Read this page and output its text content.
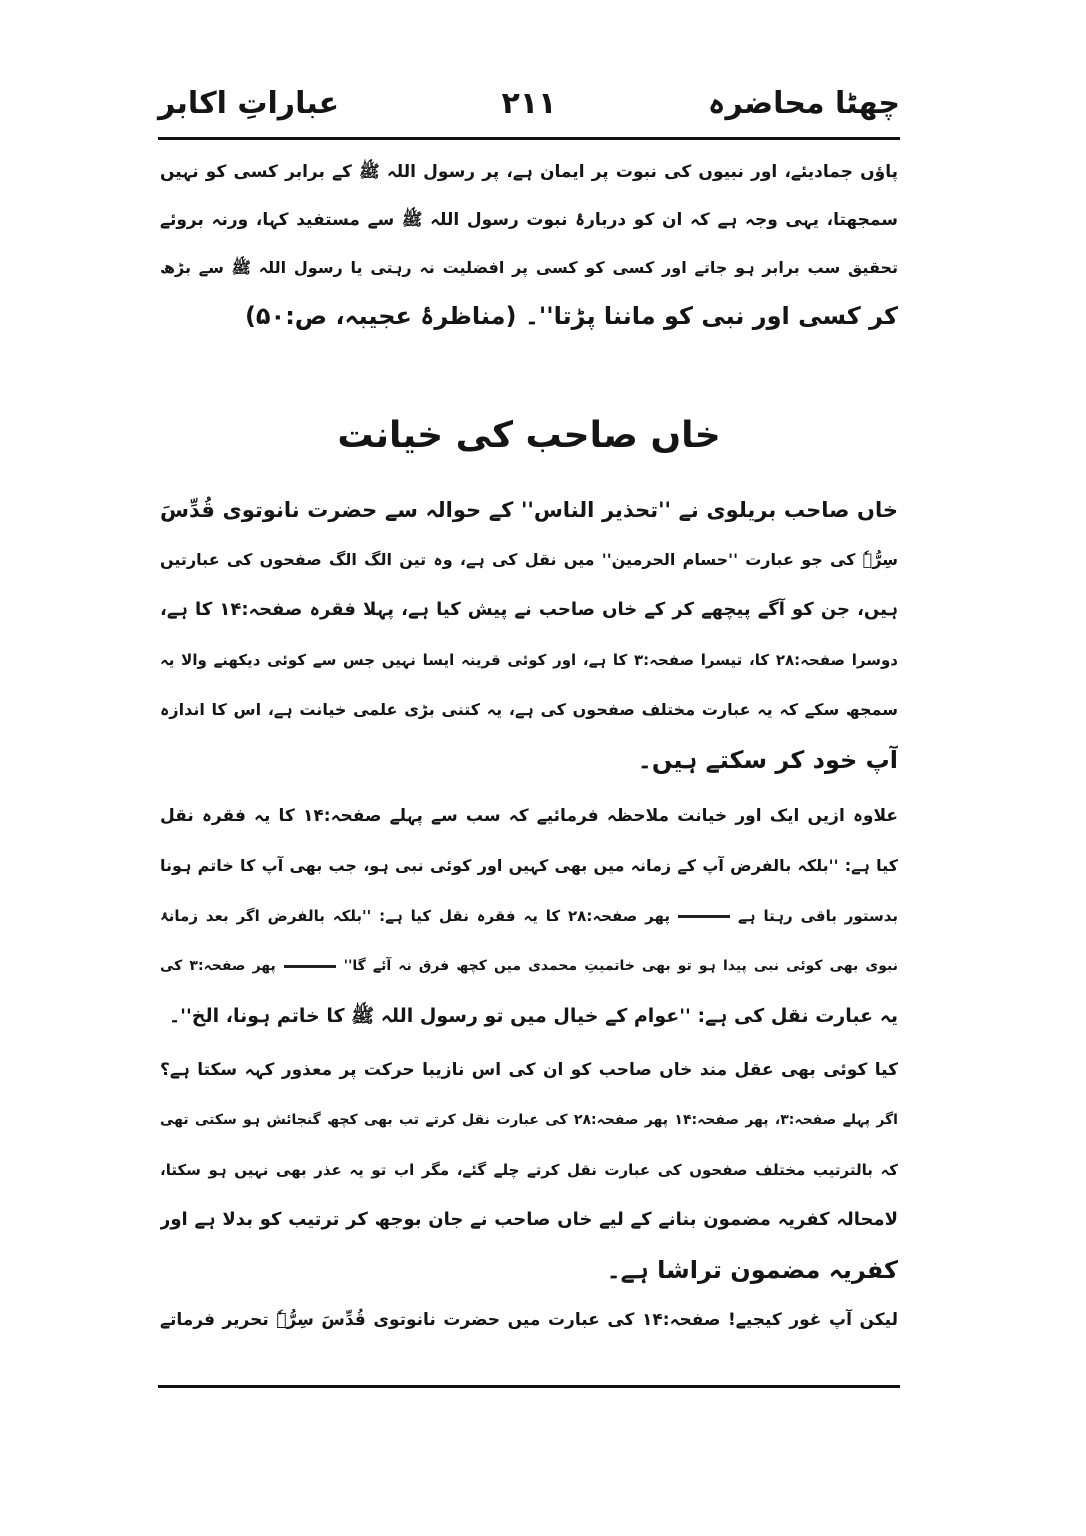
چھٹا محاضرہ
۲۱۱
عباراتِ اکابر
پاؤں جمادیئے، اور نبیوں کی نبوت پر ایمان ہے، پر رسول اللہ ﷺ کے برابر کسی کو نہیں
سمجھتا، یہی وجہ ہے کہ ان کو دربارۂ نبوت رسول اللہ ﷺ سے مستفید کہا، ورنہ بروئے
تحقیق سب برابر ہو جاتے اور کسی کو کسی پر افضلیت نہ رہتی یا رسول اللہ ﷺ سے بڑھ
کر کسی اور نبی کو ماننا پڑتا''۔ (مناظرۂ عجیبہ، ص:۵۰)
خاں صاحب کی خیانت
خاں صاحب بریلوی نے ''تحذیر الناس'' کے حوالہ سے حضرت نانوتوی قُدِّسَ
سِرُّہٗ کی جو عبارت ''حسام الحرمین'' میں نقل کی ہے، وہ تین الگ الگ صفحوں کی عبارتیں
ہیں، جن کو آگے پیچھے کر کے خاں صاحب نے پیش کیا ہے، پہلا فقرہ صفحہ:۱۴ کا ہے،
دوسرا صفحہ:۲۸ کا، تیسرا صفحہ:۳ کا ہے، اور کوئی قرینہ ایسا نہیں جس سے کوئی دیکھنے والا یہ
سمجھ سکے کہ یہ عبارت مختلف صفحوں کی ہے، یہ کتنی بڑی علمی خیانت ہے، اس کا اندازہ
آپ خود کر سکتے ہیں۔
علاوہ ازیں ایک اور خیانت ملاحظہ فرمائیے کہ سب سے پہلے صفحہ:۱۴ کا یہ فقرہ نقل
کیا ہے: ''بلکہ بالفرض آپ کے زمانہ میں بھی کہیں اور کوئی نبی ہو، جب بھی آپ کا خاتم ہونا
بدستور باقی رہتا ہےپھر صفحہ:۲۸ کا یہ فقرہ نقل کیا ہے: ''بلکہ بالفرض اگر بعد زمانۂ
نبوی بھی کوئی نبی پیدا ہو تو بھی خاتمیتِ محمدی میں کچھ فرق نہ آئے گا''پھر صفحہ:۳ کی
یہ عبارت نقل کی ہے: ''عوام کے خیال میں تو رسول اللہ ﷺ کا خاتم ہونا، الخ''۔
کیا کوئی بھی عقل مند خاں صاحب کو ان کی اس نازیبا حرکت پر معذور کہہ سکتا ہے؟
اگر پہلے صفحہ:۳، پھر صفحہ:۱۴ پھر صفحہ:۲۸ کی عبارت نقل کرتے تب بھی کچھ گنجائش ہو سکتی تھی
کہ بالترتیب مختلف صفحوں کی عبارت نقل کرتے چلے گئے، مگر اب تو یہ عذر بھی نہیں ہو سکتا،
لامحالہ کفریہ مضمون بنانے کے لیے خاں صاحب نے جان بوجھ کر ترتیب کو بدلا ہے اور
کفریہ مضمون تراشا ہے۔
لیکن آپ غور کیجیے! صفحہ:۱۴ کی عبارت میں حضرت نانوتوی قُدِّسَ سِرُّہٗ تحریر فرماتے
